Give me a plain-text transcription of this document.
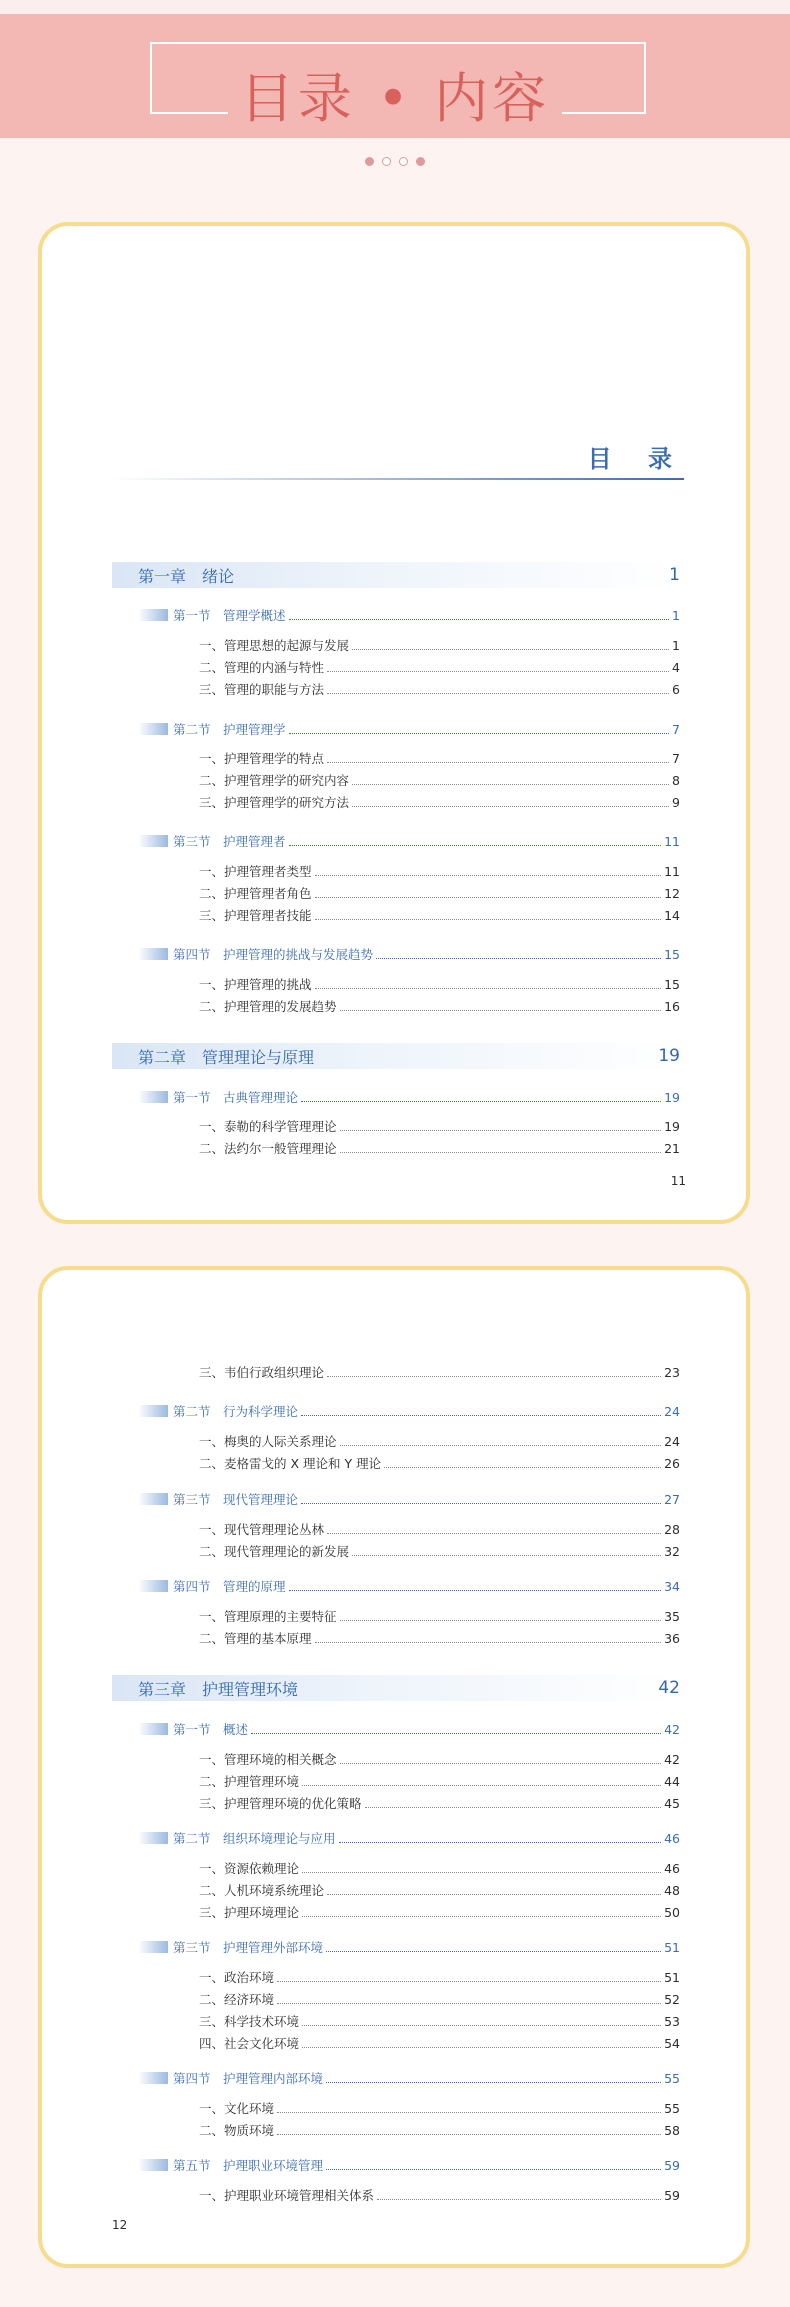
目录 • 内容

目 录
第一章　绪论	1
第一节　管理学概述	1
一、管理思想的起源与发展	1
二、管理的内涵与特性	4
三、管理的职能与方法	6
第二节　护理管理学	7
一、护理管理学的特点	7
二、护理管理学的研究内容	8
三、护理管理学的研究方法	9
第三节　护理管理者	11
一、护理管理者类型	11
二、护理管理者角色	12
三、护理管理者技能	14
第四节　护理管理的挑战与发展趋势	15
一、护理管理的挑战	15
二、护理管理的发展趋势	16
第二章　管理理论与原理	19
第一节　古典管理理论	19
一、泰勒的科学管理理论	19
二、法约尔一般管理理论	21
11
三、韦伯行政组织理论	23
第二节　行为科学理论	24
一、梅奥的人际关系理论	24
二、麦格雷戈的 X 理论和 Y 理论	26
第三节　现代管理理论	27
一、现代管理理论丛林	28
二、现代管理理论的新发展	32
第四节　管理的原理	34
一、管理原理的主要特征	35
二、管理的基本原理	36
第三章　护理管理环境	42
第一节　概述	42
一、管理环境的相关概念	42
二、护理管理环境	44
三、护理管理环境的优化策略	45
第二节　组织环境理论与应用	46
一、资源依赖理论	46
二、人机环境系统理论	48
三、护理环境理论	50
第三节　护理管理外部环境	51
一、政治环境	51
二、经济环境	52
三、科学技术环境	53
四、社会文化环境	54
第四节　护理管理内部环境	55
一、文化环境	55
二、物质环境	58
第五节　护理职业环境管理	59
一、护理职业环境管理相关体系	59
12
